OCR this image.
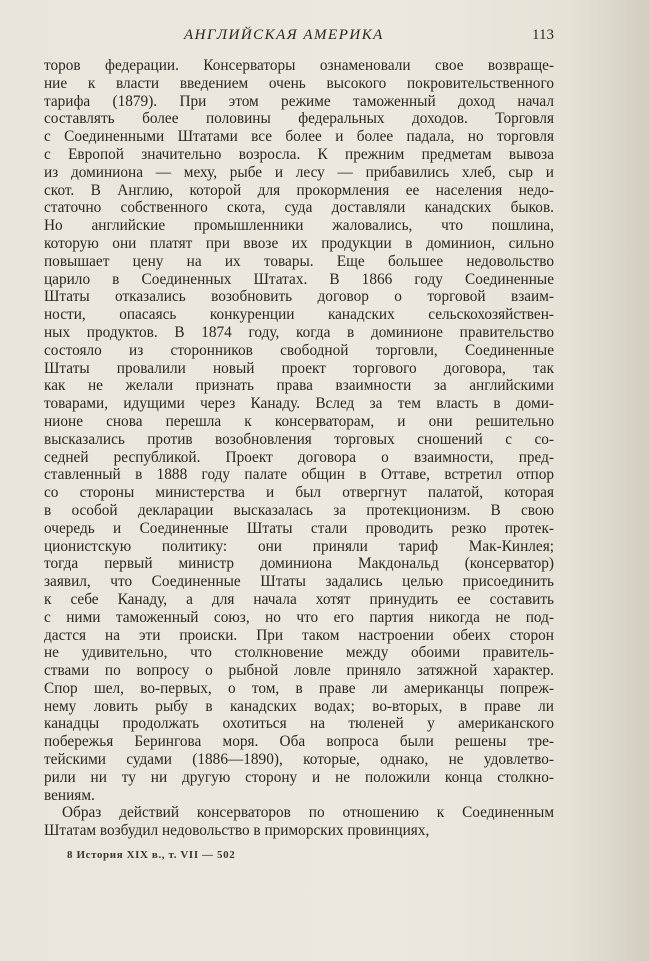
АНГЛИЙСКАЯ АМЕРИКА	113
торов федерации. Консерваторы ознаменовали свое возвраще-
ние к власти введением очень высокого покровительственного
тарифа (1879). При этом режиме таможенный доход начал
составлять более половины федеральных доходов. Торговля
с Соединенными Штатами все более и более падала, но торговля
с Европой значительно возросла. К прежним предметам вывоза
из доминиона — меху, рыбе и лесу — прибавились хлеб, сыр и
скот. В Англию, которой для прокормления ее населения недо-
статочно собственного скота, суда доставляли канадских быков.
Но английские промышленники жаловались, что пошлина,
которую они платят при ввозе их продукции в доминион, сильно
повышает цену на их товары. Еще большее недовольство
царило в Соединенных Штатах. В 1866 году Соединенные
Штаты отказались возобновить договор о торговой взаим-
ности, опасаясь конкуренции канадских сельскохозяйствен-
ных продуктов. В 1874 году, когда в доминионе правительство
состояло из сторонников свободной торговли, Соединенные
Штаты провалили новый проект торгового договора, так
как не желали признать права взаимности за английскими
товарами, идущими через Канаду. Вслед за тем власть в доми-
нионе снова перешла к консерваторам, и они решительно
высказались против возобновления торговых сношений с со-
седней республикой. Проект договора о взаимности, пред-
ставленный в 1888 году палате общин в Оттаве, встретил отпор
со стороны министерства и был отвергнут палатой, которая
в особой декларации высказалась за протекционизм. В свою
очередь и Соединенные Штаты стали проводить резко протек-
ционистскую политику: они приняли тариф Мак-Кинлея;
тогда первый министр доминиона Макдональд (консерватор)
заявил, что Соединенные Штаты задались целью присоединить
к себе Канаду, а для начала хотят принудить ее составить
с ними таможенный союз, но что его партия никогда не под-
дастся на эти происки. При таком настроении обеих сторон
не удивительно, что столкновение между обоими правитель-
ствами по вопросу о рыбной ловле приняло затяжной характер.
Спор шел, во-первых, о том, в праве ли американцы попреж-
нему ловить рыбу в канадских водах; во-вторых, в праве ли
канадцы продолжать охотиться на тюленей у американского
побережья Берингова моря. Оба вопроса были решены тре-
тейскими судами (1886—1890), которые, однако, не удовлетво-
рили ни ту ни другую сторону и не положили конца столкно-
вениям.
Образ действий консерваторов по отношению к Соединенным
Штатам возбудил недовольство в приморских провинциях,
8 История XIX в., т. VII — 502
